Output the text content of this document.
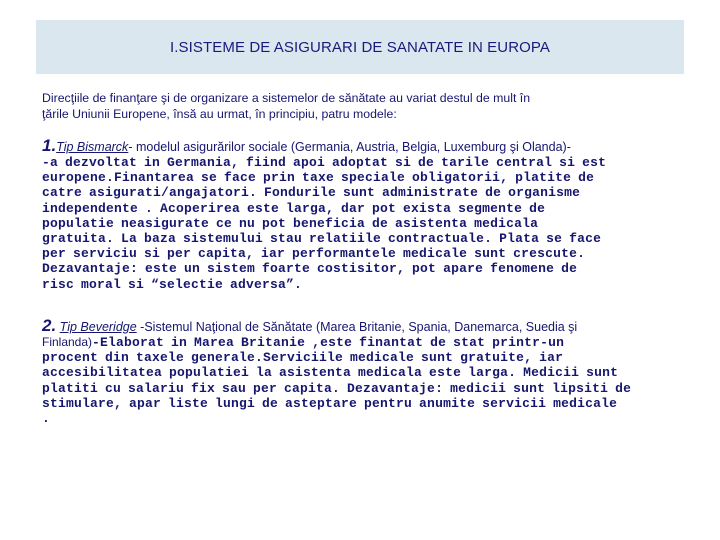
I.SISTEME DE ASIGURARI DE SANATATE IN EUROPA
Direcţiile de finanţare şi de organizare a sistemelor de sănătate au variat destul de mult în
ţările Uniunii Europene, însă au urmat, în principiu, patru modele:
1.Tip Bismarck- modelul asigurărilor sociale (Germania, Austria, Belgia, Luxemburg şi Olanda)-
-a dezvoltat in Germania, fiind apoi adoptat si de tarile central si est
europene.Finantarea se face prin taxe speciale obligatorii, platite de
catre asigurati/angajatori. Fondurile sunt administrate de organisme
independente . Acoperirea este larga, dar pot exista segmente de
populatie neasigurate ce nu pot beneficia de asistenta medicala
gratuita. La baza sistemului stau relatiile contractuale. Plata se face
per serviciu si per capita, iar performantele medicale sunt crescute.
Dezavantaje: este un sistem foarte costisitor, pot apare fenomene de
risc moral si “selectie adversa”.
2. Tip Beveridge -Sistemul Naţional de Sănătate (Marea Britanie, Spania, Danemarca, Suedia şi
Finlanda)-Elaborat in Marea Britanie ,este finantat de stat printr-un
procent din taxele generale.Serviciile medicale sunt gratuite, iar
accesibilitatea populatiei la asistenta medicala este larga. Medicii sunt
platiti cu salariu fix sau per capita. Dezavantaje: medicii sunt lipsiti de
stimulare, apar liste lungi de asteptare pentru anumite servicii medicale
.
